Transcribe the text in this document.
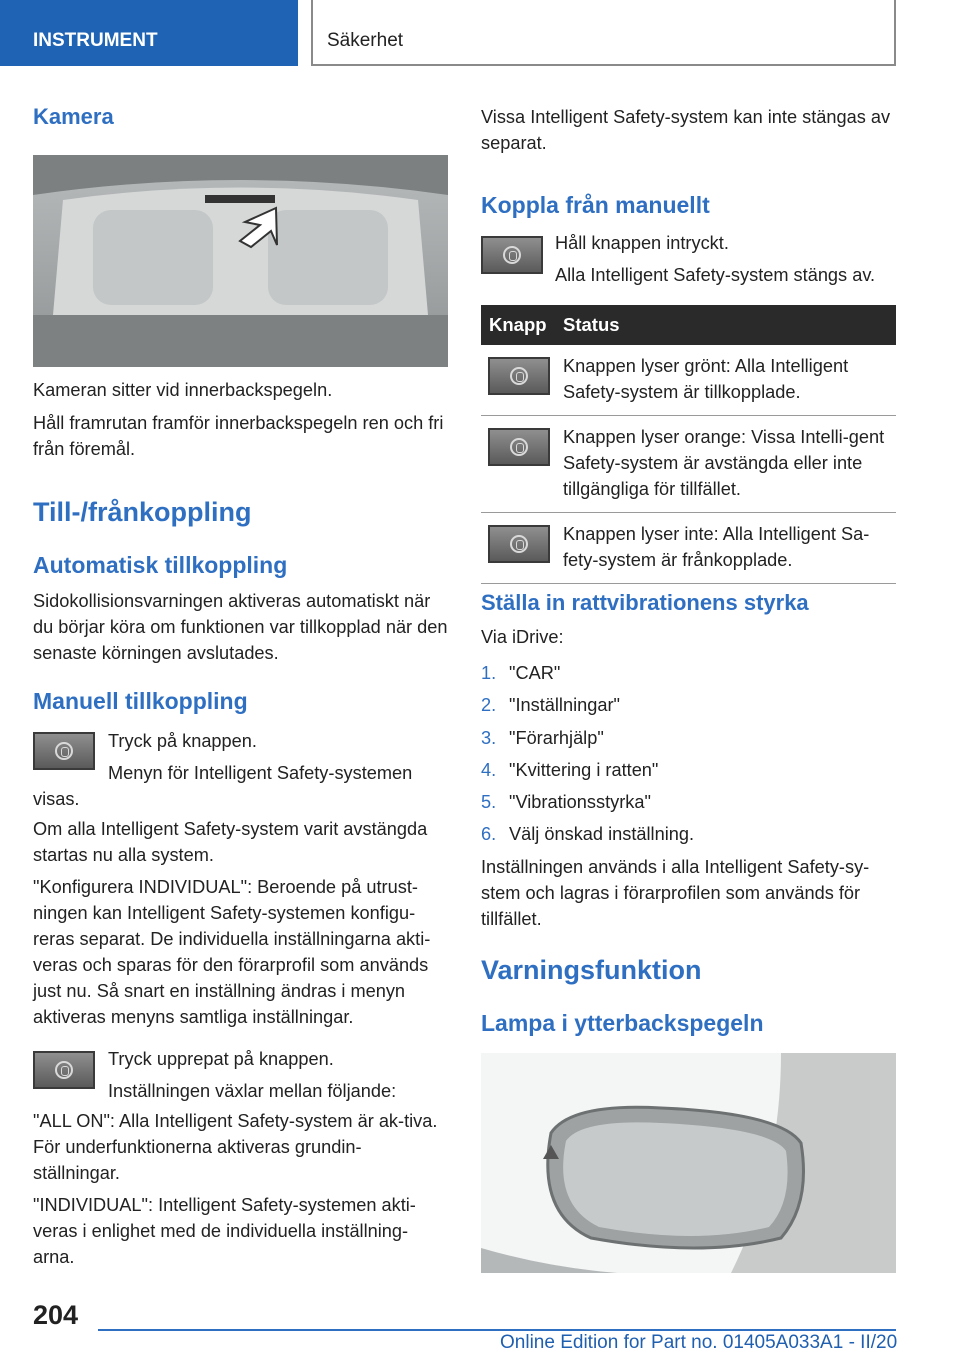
INSTRUMENT	Säkerhet
Kamera

Kameran sitter vid innerbackspegeln.

Håll framrutan framför innerbackspegeln ren och fri från föremål.

Till-/frånkoppling
Automatisk tillkoppling

Sidokollisionsvarningen aktiveras automatiskt när du börjar köra om funktionen var tillkopplad när den senaste körningen avslutades.

Manuell tillkoppling

Tryck på knappen.

Menyn för Intelligent Safety-systemen visas.

Om alla Intelligent Safety-system varit avstängda startas nu alla system.

"Konfigurera INDIVIDUAL": Beroende på utrust-ningen kan Intelligent Safety-systemen konfigu-reras separat. De individuella inställningarna akti-veras och sparas för den förarprofil som används just nu. Så snart en inställning ändras i menyn aktiveras menyns samtliga inställningar.

Tryck upprepat på knappen.

Inställningen växlar mellan följande:

"ALL ON": Alla Intelligent Safety-system är ak-tiva. För underfunktionerna aktiveras grundin-ställningar.

"INDIVIDUAL": Intelligent Safety-systemen akti-veras i enlighet med de individuella inställning-arna.

Vissa Intelligent Safety-system kan inte stängas av separat.

Koppla från manuellt

Håll knappen intryckt.

Alla Intelligent Safety-system stängs av.

Knapp	Status

	Knappen lyser grönt: Alla Intelligent Safety-system är tillkopplade.

	Knappen lyser orange: Vissa Intelli-gent Safety-system är avstängda eller inte tillgängliga för tillfället.

	Knappen lyser inte: Alla Intelligent Sa-fety-system är frånkopplade.
Ställa in rattvibrationens styrka

Via iDrive:

1. "CAR"
2. "Inställningar"
3. "Förarhjälp"
4. "Kvittering i ratten"
5. "Vibrationsstyrka"
6. Välj önskad inställning.

Inställningen används i alla Intelligent Safety-sy-stem och lagras i förarprofilen som används för tillfället.

Varningsfunktion
Lampa i ytterbackspegeln
204
Online Edition for Part no. 01405A033A1 - II/20
